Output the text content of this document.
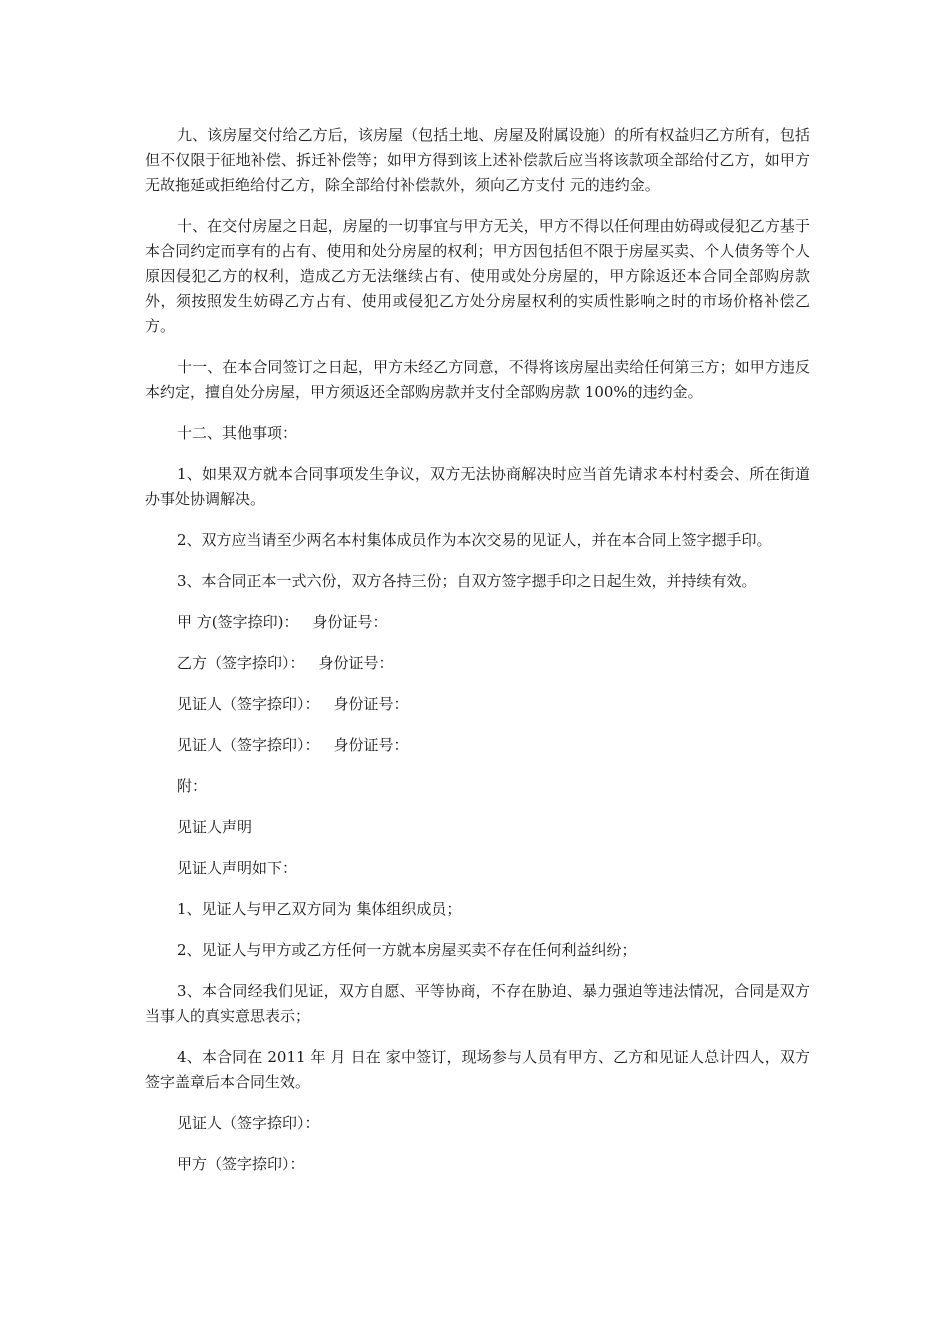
九、该房屋交付给乙方后，该房屋（包括土地、房屋及附属设施）的所有权益归乙方所有，包括但不仅限于征地补偿、拆迁补偿等；如甲方得到该上述补偿款后应当将该款项全部给付乙方，如甲方无故拖延或拒绝给付乙方，除全部给付补偿款外，须向乙方支付 元的违约金。

十、在交付房屋之日起，房屋的一切事宜与甲方无关，甲方不得以任何理由妨碍或侵犯乙方基于本合同约定而享有的占有、使用和处分房屋的权利；甲方因包括但不限于房屋买卖、个人债务等个人原因侵犯乙方的权利，造成乙方无法继续占有、使用或处分房屋的，甲方除返还本合同全部购房款外，须按照发生妨碍乙方占有、使用或侵犯乙方处分房屋权利的实质性影响之时的市场价格补偿乙方。

十一、在本合同签订之日起，甲方未经乙方同意，不得将该房屋出卖给任何第三方；如甲方违反本约定，擅自处分房屋，甲方须返还全部购房款并支付全部购房款 100%的违约金。

十二、其他事项：

1、如果双方就本合同事项发生争议，双方无法协商解决时应当首先请求本村村委会、所在街道办事处协调解决。

2、双方应当请至少两名本村集体成员作为本次交易的见证人，并在本合同上签字摁手印。

3、本合同正本一式六份，双方各持三份；自双方签字摁手印之日起生效，并持续有效。

甲 方(签字捺印)： 身份证号：

乙方（签字捺印）： 身份证号：

见证人（签字捺印）： 身份证号：

见证人（签字捺印）： 身份证号：

附：

见证人声明

见证人声明如下：

1、见证人与甲乙双方同为 集体组织成员；

2、见证人与甲方或乙方任何一方就本房屋买卖不存在任何利益纠纷；

3、本合同经我们见证，双方自愿、平等协商，不存在胁迫、暴力强迫等违法情况，合同是双方当事人的真实意思表示；

4、本合同在 2011 年 月 日在 家中签订，现场参与人员有甲方、乙方和见证人总计四人，双方签字盖章后本合同生效。

见证人（签字捺印）：

甲方（签字捺印）：
